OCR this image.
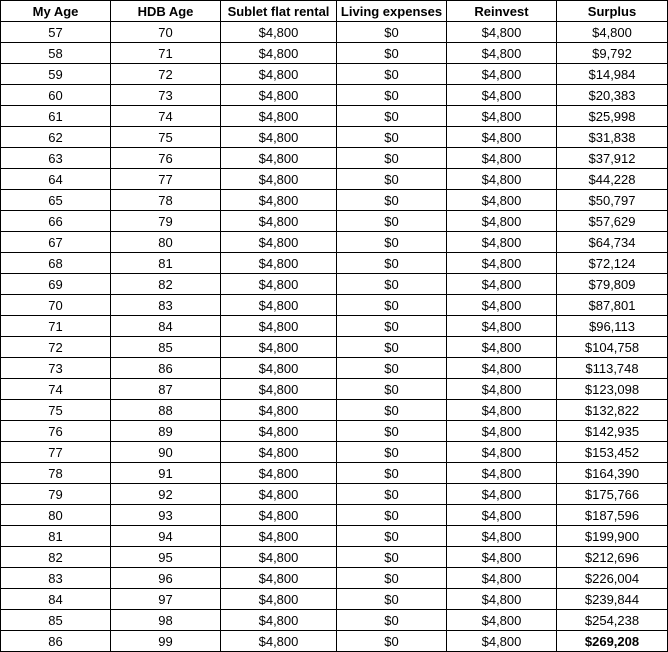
My Age	HDB Age	Sublet flat rental	Living expenses	Reinvest	Surplus
57	70	$4,800	$0	$4,800	$4,800
58	71	$4,800	$0	$4,800	$9,792
59	72	$4,800	$0	$4,800	$14,984
60	73	$4,800	$0	$4,800	$20,383
61	74	$4,800	$0	$4,800	$25,998
62	75	$4,800	$0	$4,800	$31,838
63	76	$4,800	$0	$4,800	$37,912
64	77	$4,800	$0	$4,800	$44,228
65	78	$4,800	$0	$4,800	$50,797
66	79	$4,800	$0	$4,800	$57,629
67	80	$4,800	$0	$4,800	$64,734
68	81	$4,800	$0	$4,800	$72,124
69	82	$4,800	$0	$4,800	$79,809
70	83	$4,800	$0	$4,800	$87,801
71	84	$4,800	$0	$4,800	$96,113
72	85	$4,800	$0	$4,800	$104,758
73	86	$4,800	$0	$4,800	$113,748
74	87	$4,800	$0	$4,800	$123,098
75	88	$4,800	$0	$4,800	$132,822
76	89	$4,800	$0	$4,800	$142,935
77	90	$4,800	$0	$4,800	$153,452
78	91	$4,800	$0	$4,800	$164,390
79	92	$4,800	$0	$4,800	$175,766
80	93	$4,800	$0	$4,800	$187,596
81	94	$4,800	$0	$4,800	$199,900
82	95	$4,800	$0	$4,800	$212,696
83	96	$4,800	$0	$4,800	$226,004
84	97	$4,800	$0	$4,800	$239,844
85	98	$4,800	$0	$4,800	$254,238
86	99	$4,800	$0	$4,800	$269,208
